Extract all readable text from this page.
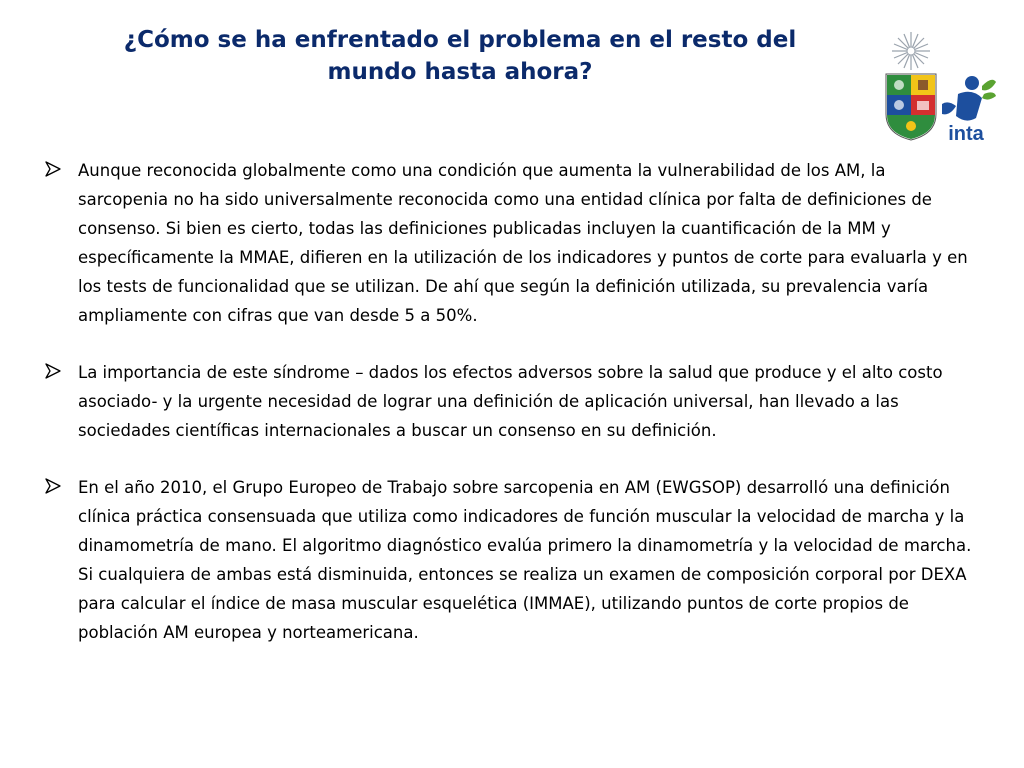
¿Cómo se ha enfrentado el problema en el resto del mundo hasta ahora?
inta

Aunque reconocida globalmente como una condición que aumenta la vulnerabilidad de los AM, la sarcopenia no ha sido universalmente reconocida como una entidad clínica por falta de definiciones de consenso. Si bien es cierto, todas las definiciones publicadas incluyen la cuantificación de la MM y específicamente la MMAE, difieren en la utilización de los indicadores y puntos de corte para evaluarla y en los tests de funcionalidad que se utilizan. De ahí que según la definición utilizada, su prevalencia varía ampliamente con cifras que van desde 5 a 50%.

La importancia de este síndrome – dados los efectos adversos sobre la salud que produce y el alto costo asociado- y la urgente necesidad de lograr una definición de aplicación universal, han llevado a las sociedades científicas internacionales a buscar un consenso en su definición.

En el año 2010, el Grupo Europeo de Trabajo sobre sarcopenia en AM (EWGSOP) desarrolló una definición clínica práctica consensuada que utiliza como indicadores de función muscular la velocidad de marcha y la dinamometría de mano. El algoritmo diagnóstico evalúa primero la dinamometría y la velocidad de marcha. Si cualquiera de ambas está disminuida, entonces se realiza un examen de composición corporal por DEXA para calcular el índice de masa muscular esquelética (IMMAE), utilizando puntos de corte propios de población AM europea y norteamericana.
